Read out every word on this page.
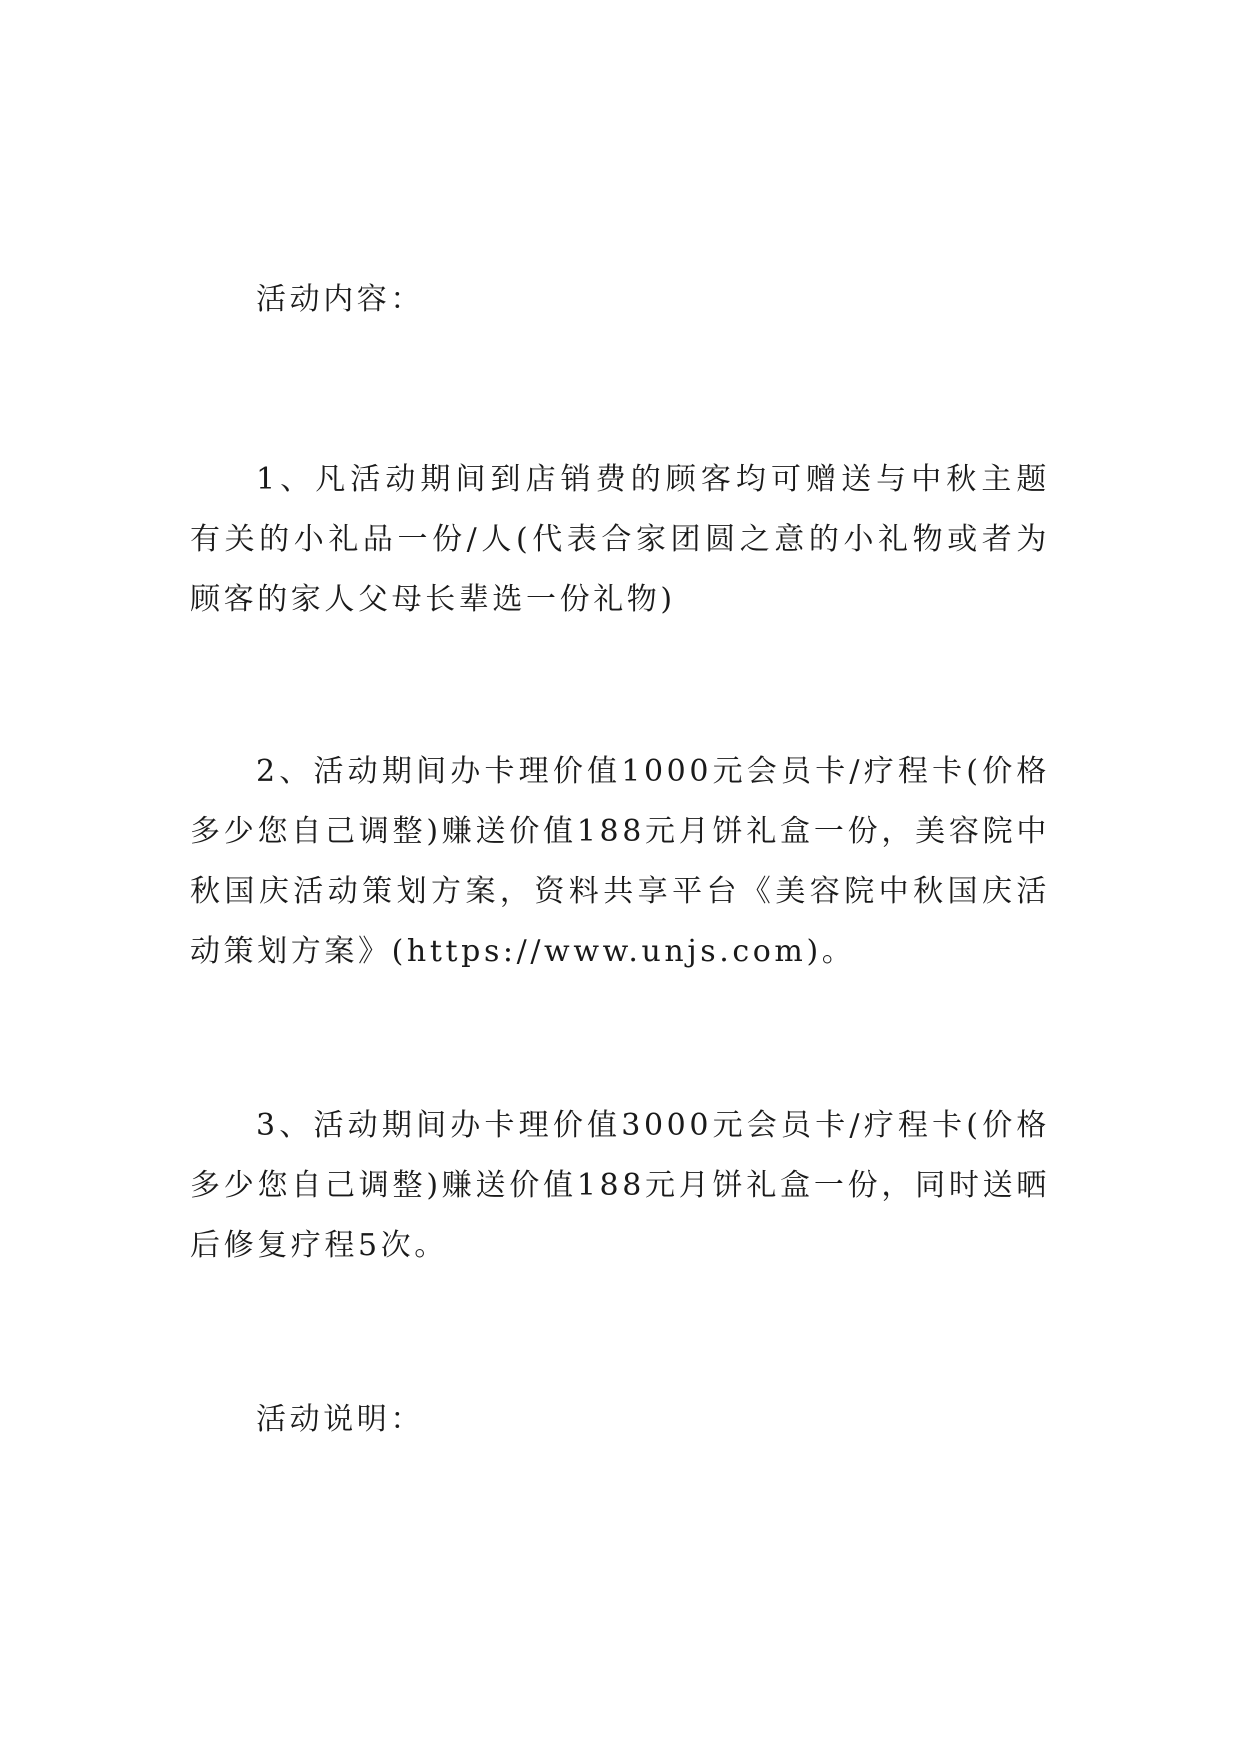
活动内容：

1、凡活动期间到店销费的顾客均可赠送与中秋主题有关的小礼品一份/人(代表合家团圆之意的小礼物或者为顾客的家人父母长辈选一份礼物)

2、活动期间办卡理价值1000元会员卡/疗程卡(价格多少您自己调整)赚送价值188元月饼礼盒一份，美容院中秋国庆活动策划方案，资料共享平台《美容院中秋国庆活动策划方案》(https://www.unjs.com)。

3、活动期间办卡理价值3000元会员卡/疗程卡(价格多少您自己调整)赚送价值188元月饼礼盒一份，同时送晒后修复疗程5次。

活动说明：
